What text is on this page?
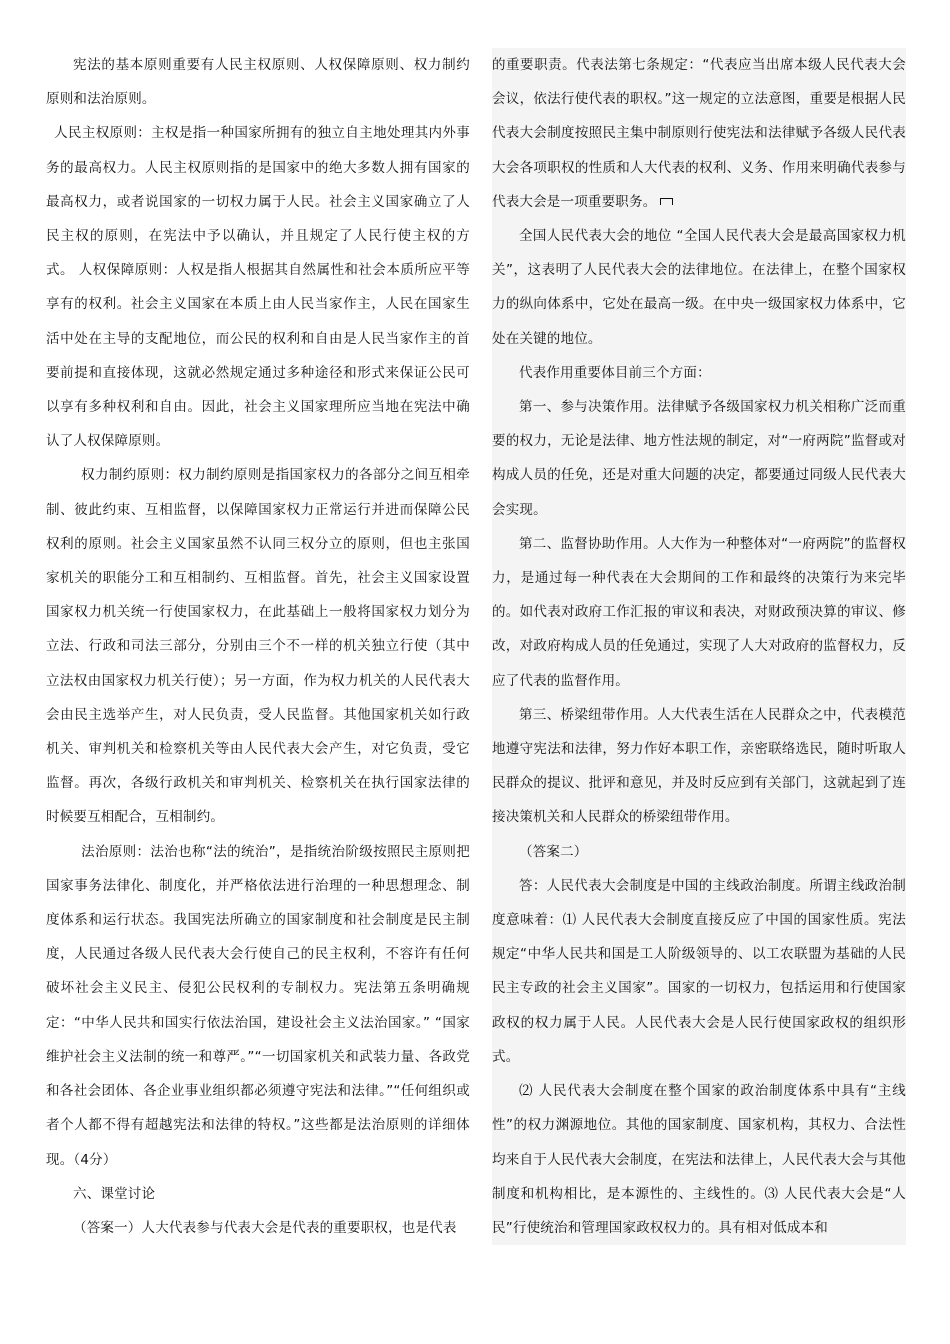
宪法的基本原则重要有人民主权原则、人权保障原则、权力制约原则和法治原则。

人民主权原则：主权是指一种国家所拥有的独立自主地处理其内外事务的最高权力。人民主权原则指的是国家中的绝大多数人拥有国家的最高权力，或者说国家的一切权力属于人民。社会主义国家确立了人民主权的原则，在宪法中予以确认，并且规定了人民行使主权的方式。 人权保障原则：人权是指人根据其自然属性和社会本质所应平等享有的权利。社会主义国家在本质上由人民当家作主，人民在国家生活中处在主导的支配地位，而公民的权利和自由是人民当家作主的首要前提和直接体现，这就必然规定通过多种途径和形式来保证公民可以享有多种权利和自由。因此，社会主义国家理所应当地在宪法中确认了人权保障原则。

权力制约原则：权力制约原则是指国家权力的各部分之间互相牵制、彼此约束、互相监督，以保障国家权力正常运行并进而保障公民权利的原则。社会主义国家虽然不认同三权分立的原则，但也主张国家机关的职能分工和互相制约、互相监督。首先，社会主义国家设置国家权力机关统一行使国家权力，在此基础上一般将国家权力划分为立法、行政和司法三部分，分别由三个不一样的机关独立行使（其中立法权由国家权力机关行使）；另一方面，作为权力机关的人民代表大会由民主选举产生，对人民负责，受人民监督。其他国家机关如行政机关、审判机关和检察机关等由人民代表大会产生，对它负责，受它监督。再次，各级行政机关和审判机关、检察机关在执行国家法律的时候要互相配合，互相制约。

法治原则：法治也称“法的统治”，是指统治阶级按照民主原则把国家事务法律化、制度化，并严格依法进行治理的一种思想理念、制度体系和运行状态。我国宪法所确立的国家制度和社会制度是民主制度，人民通过各级人民代表大会行使自己的民主权利，不容许有任何破坏社会主义民主、侵犯公民权利的专制权力。宪法第五条明确规定：“中华人民共和国实行依法治国，建设社会主义法治国家。” “国家维护社会主义法制的统一和尊严。”“一切国家机关和武装力量、各政党和各社会团体、各企业事业组织都必须遵守宪法和法律。”“任何组织或者个人都不得有超越宪法和法律的特权。”这些都是法治原则的详细体现。（4分）

六、课堂讨论

（答案一）人大代表参与代表大会是代表的重要职权，也是代表

的重要职责。代表法第七条规定：“代表应当出席本级人民代表大会会议，依法行使代表的职权。”这一规定的立法意图，重要是根据人民代表大会制度按照民主集中制原则行使宪法和法律赋予各级人民代表大会各项职权的性质和人大代表的权利、义务、作用来明确代表参与代表大会是一项重要职务。

全国人民代表大会的地位 “全国人民代表大会是最高国家权力机关”，这表明了人民代表大会的法律地位。在法律上，在整个国家权力的纵向体系中，它处在最高一级。在中央一级国家权力体系中，它处在关键的地位。

代表作用重要体目前三个方面：

第一、参与决策作用。法律赋予各级国家权力机关相称广泛而重要的权力，无论是法律、地方性法规的制定，对“一府两院”监督或对构成人员的任免，还是对重大问题的决定，都要通过同级人民代表大会实现。

第二、监督协助作用。人大作为一种整体对“一府两院”的监督权力，是通过每一种代表在大会期间的工作和最终的决策行为来完毕的。如代表对政府工作汇报的审议和表决，对财政预决算的审议、修改，对政府构成人员的任免通过，实现了人大对政府的监督权力，反应了代表的监督作用。

第三、桥梁纽带作用。人大代表生活在人民群众之中，代表模范地遵守宪法和法律，努力作好本职工作，亲密联络选民，随时听取人民群众的提议、批评和意见，并及时反应到有关部门，这就起到了连接决策机关和人民群众的桥梁纽带作用。

（答案二）

答：人民代表大会制度是中国的主线政治制度。所谓主线政治制度意味着：⑴ 人民代表大会制度直接反应了中国的国家性质。宪法规定“中华人民共和国是工人阶级领导的、以工农联盟为基础的人民民主专政的社会主义国家”。国家的一切权力，包括运用和行使国家政权的权力属于人民。人民代表大会是人民行使国家政权的组织形式。

⑵ 人民代表大会制度在整个国家的政治制度体系中具有“主线性”的权力渊源地位。其他的国家制度、国家机构，其权力、合法性均来自于人民代表大会制度，在宪法和法律上，人民代表大会与其他制度和机构相比，是本源性的、主线性的。⑶ 人民代表大会是“人民”行使统治和管理国家政权权力的。具有相对低成本和
